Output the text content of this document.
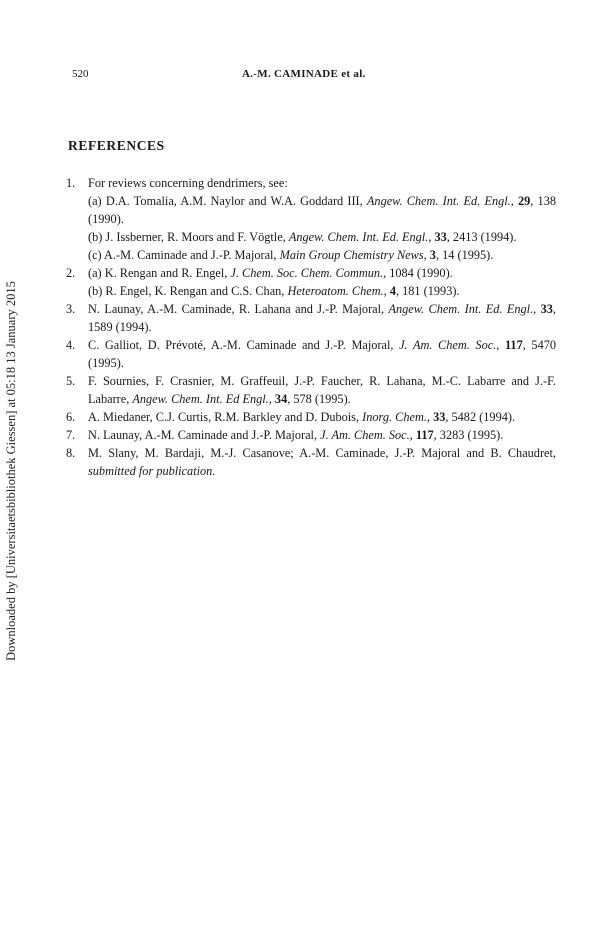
520	A.-M. CAMINADE et al.
REFERENCES
1.	For reviews concerning dendrimers, see:
(a) D.A. Tomalia, A.M. Naylor and W.A. Goddard III, Angew. Chem. Int. Ed. Engl., 29, 138 (1990).
(b) J. Issberner, R. Moors and F. Vögtle, Angew. Chem. Int. Ed. Engl., 33, 2413 (1994).
(c) A.-M. Caminade and J.-P. Majoral, Main Group Chemistry News, 3, 14 (1995).
2.	(a) K. Rengan and R. Engel, J. Chem. Soc. Chem. Commun., 1084 (1990).
(b) R. Engel, K. Rengan and C.S. Chan, Heteroatom. Chem., 4, 181 (1993).
3.	N. Launay, A.-M. Caminade, R. Lahana and J.-P. Majoral, Angew. Chem. Int. Ed. Engl., 33, 1589 (1994).
4.	C. Galliot, D. Prévoté, A.-M. Caminade and J.-P. Majoral, J. Am. Chem. Soc., 117, 5470 (1995).
5.	F. Sournies, F. Crasnier, M. Graffeuil, J.-P. Faucher, R. Lahana, M.-C. Labarre and J.-F. Labarre, Angew. Chem. Int. Ed Engl., 34, 578 (1995).
6.	A. Miedaner, C.J. Curtis, R.M. Barkley and D. Dubois, Inorg. Chem., 33, 5482 (1994).
7.	N. Launay, A.-M. Caminade and J.-P. Majoral, J. Am. Chem. Soc., 117, 3283 (1995).
8.	M. Slany, M. Bardaji, M.-J. Casanove; A.-M. Caminade, J.-P. Majoral and B. Chaudret, submitted for publication.
Downloaded by [Universitaetsbibliothek Giessen] at 05:18 13 January 2015
